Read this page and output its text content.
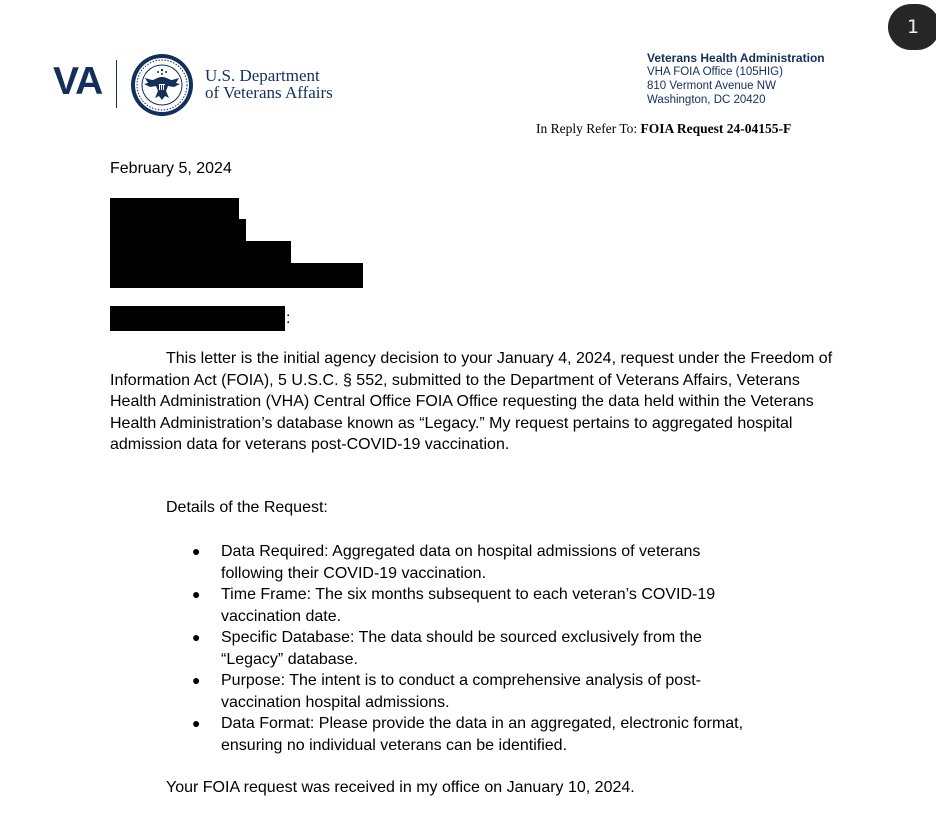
1
VA	U.S. Department
of Veterans Affairs
Veterans Health Administration
VHA FOIA Office (105HIG)
810 Vermont Avenue NW
Washington, DC 20420
In Reply Refer To: FOIA Request 24-04155-F
February 5, 2024
:
This letter is the initial agency decision to your January 4, 2024, request under the Freedom of Information Act (FOIA), 5 U.S.C. § 552, submitted to the Department of Veterans Affairs, Veterans Health Administration (VHA) Central Office FOIA Office requesting the data held within the Veterans Health Administration’s database known as “Legacy.” My request pertains to aggregated hospital admission data for veterans post-COVID-19 vaccination.
Details of the Request:
● Data Required: Aggregated data on hospital admissions of veterans
following their COVID-19 vaccination.
● Time Frame: The six months subsequent to each veteran’s COVID-19
vaccination date.
● Specific Database: The data should be sourced exclusively from the
“Legacy” database.
● Purpose: The intent is to conduct a comprehensive analysis of post-
vaccination hospital admissions.
● Data Format: Please provide the data in an aggregated, electronic format,
ensuring no individual veterans can be identified.
Your FOIA request was received in my office on January 10, 2024.
